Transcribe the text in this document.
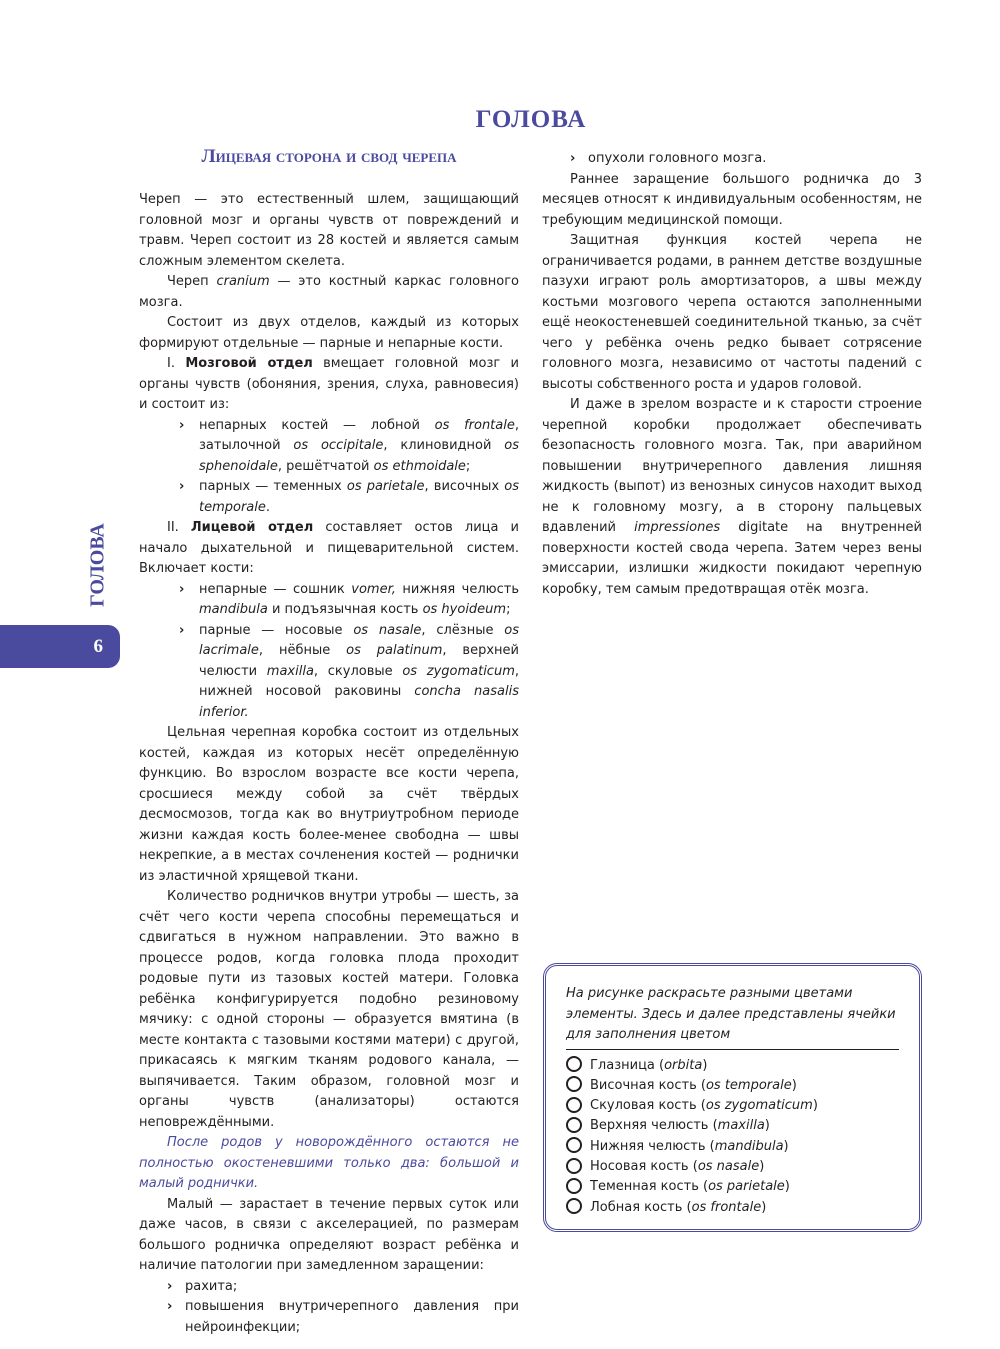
ГОЛОВА
Лицевая сторона и свод черепа
ГОЛОВА
6

Череп — это естественный шлем, защищающий головной мозг и органы чувств от повреждений и травм. Череп состоит из 28 костей и является самым сложным элементом скелета.

Череп cranium — это костный каркас головного мозга.

Состоит из двух отделов, каждый из которых формируют отдельные — парные и непарные кости.

I. Мозговой отдел вмещает головной мозг и органы чувств (обоняния, зрения, слуха, равновесия) и состоит из:

› непарных костей — лобной os frontale, затылочной os occipitale, клиновидной os sphenoidale, решётчатой os ethmoidale;

› парных — теменных os parietale, височных os temporale.

II. Лицевой отдел составляет остов лица и начало дыхательной и пищеварительной систем. Включает кости:

› непарные — сошник vomer, нижняя челюсть mandibula и подъязычная кость os hyoideum;

› парные — носовые os nasale, слёзные os lacrimale, нёбные os palatinum, верхней челюсти maxilla, скуловые os zygomaticum, нижней носовой раковины concha nasalis inferior.

Цельная черепная коробка состоит из отдельных костей, каждая из которых несёт определённую функцию. Во взрослом возрасте все кости черепа, сросшиеся между собой за счёт твёрдых десмосмозов, тогда как во внутриутробном периоде жизни каждая кость более-менее свободна — швы некрепкие, а в местах сочленения костей — роднички из эластичной хрящевой ткани.

Количество родничков внутри утробы — шесть, за счёт чего кости черепа способны перемещаться и сдвигаться в нужном направлении. Это важно в процессе родов, когда головка плода проходит родовые пути из тазовых костей матери. Головка ребёнка конфигурируется подобно резиновому мячику: с одной стороны — образуется вмятина (в месте контакта с тазовыми костями матери) с другой, прикасаясь к мягким тканям родового канала, — выпячивается. Таким образом, головной мозг и органы чувств (анализаторы) остаются неповреждёнными.

После родов у новорождённого остаются не полностью окостеневшими только два: большой и малый роднички.

Малый — зарастает в течение первых суток или даже часов, в связи с акселерацией, по размерам большого родничка определяют возраст ребёнка и наличие патологии при замедленном заращении:

› рахита;

› повышения внутричерепного давления при нейроинфекции;

› опухоли головного мозга.

Раннее заращение большого родничка до 3 месяцев относят к индивидуальным особенностям, не требующим медицинской помощи.

Защитная функция костей черепа не ограничивается родами, в раннем детстве воздушные пазухи играют роль амортизаторов, а швы между костьми мозгового черепа остаются заполненными ещё неокостеневшей соединительной тканью, за счёт чего у ребёнка очень редко бывает сотрясение головного мозга, независимо от частоты падений с высоты собственного роста и ударов головой.

И даже в зрелом возрасте и к старости строение черепной коробки продолжает обеспечивать безопасность головного мозга. Так, при аварийном повышении внутричерепного давления лишняя жидкость (выпот) из венозных синусов находит выход не к головному мозгу, а в сторону пальцевых вдавлений impressiones digitate на внутренней поверхности костей свода черепа. Затем через вены эмиссарии, излишки жидкости покидают черепную коробку, тем самым предотвращая отёк мозга.

На рисунке раскрасьте разными цветами элементы. Здесь и далее представлены ячейки для заполнения цветом
Глазница (orbita)
Височная кость (os temporale)
Скуловая кость (os zygomaticum)
Верхняя челюсть (maxilla)
Нижняя челюсть (mandibula)
Носовая кость (os nasale)
Теменная кость (os parietale)
Лобная кость (os frontale)
